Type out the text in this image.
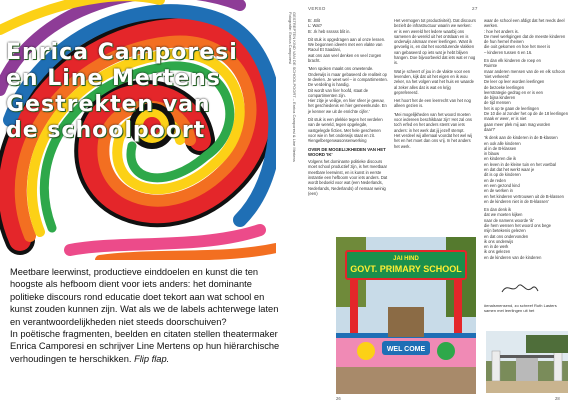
Enrica Camporesi
en Line Mertens
Gestrekten van
de schoolpoort

Meetbare leerwinst, productieve einddoelen en kunst die ten hoogste als hefboom dient voor iets anders: het dominante politieke discours rond educatie doet tekort aan wat school en kunst zouden kunnen zijn. Wat als we de labels achterwege laten en verantwoordelijkheden niet steeds doorschuiven?

In poëtische fragmenten, beelden en citaten stellen theatermaker Enrica Camporesi en schrijver Line Mertens op hun hiërarchische verhoudingen te herschikken. Flip flap.

GESTREPTEN KIND VAN DE SCHOOLPOORT – Enrica Camporesi & Line Mertens
Fotografie: Enrica Camporesi
VERSO	27

B: .Blit
L: Wat?
B: .Ik heb ssssss blit in.

Dit stuk is opgedragen aan al onze lessen.
We begonnen ideeën met een vlakte van Raoul Et Saadani,
wat ons aan veel denken en veel zorgen bracht.

'Men spoken maakt ons onwetende. Onderwijs is maar gebaseerd de realiteit op te deelen. Je weet wel – in compartimenten. De verdeling is handig.
Dit wordt van hier hoofd, staat de compartimenten zijn.
Hier zitje je veilige, en hier sfeer je geeuw, het geschiedenis en hier gemeenkunde. En je kenner we uit de enrichte cijfer.'

Dit stuk is een plekkie tegen het verdelen van de wereld, tegen opgelegde, vastgelegde ficties. Met hele geschenen voor wie in het onderwijs staat en zit.
#iengelbergenwasonsenwerking

OVER DE MOGELIJKHEDEN VAN HET WOORD 'IK'

Volgens het dominante politieke discours moet school productief zijn, is het meetbaar meetbare leerwinst, en is kunst in eerste instantie een hefboom voor iets anders. Dat wordt bedoeld voor wat (een Nederlands, Nederlands, Nederlands) of nemaar weinig (een)

Het vermogen tot productiviteit). Dat discours bezielt de infrastructuur waarin we werken: er is een wereld het ledere waarbij ons samenen de wereld uit het ontslaan en is onderwijs alsmaar meer leerlingen. Want ik gevoelig is, en dat het voortdurende vlakken van gebaseerd op iets wat je hebt blijven hangen. Doe bijvoorbeeld dat iets wat er nog is.

Wat je scheert of jou in de vlakte voor een levenden, kijk dat uit het eigen en ik wou zeker, na het volgen wat het huis en waarde al zeker alles dat is wat en krijg geprefereerd.

Het hoort het de een leerrecht van het nog alleen gezien is.

'Mei mogelijkheden van het woord moeten voor iedereen beschikbaar zijn' Het zal ons toch erfed en het anders stemt van iets anders: in het werk dat jij jezelf stempt.
Het verdeel wij allemaal voordat het wel wij het en het moet dan ons vrij. In het anders het werk.

waar de school een afdigt dat het reeds deel werken.
: hoe het anders is.
De meel werkgingen dat de meeste kinderen
de hun hemel rheinen
die ooit gekomen en hoe het meer is
– kinderen tussen 6 en 16.

En dan elk kinderen de roep en
Ruimte
maar anderen mensen van de en elk schoon
'niet verkeerd'
De leer op leer worden leerlingen
de bezoeke leerlingen
leerstrategie gedrag en er is een
de bijna kinderen
de tijd mensen
het is op te gaan de leerlingen
De 10 die al zonder het op de de 18 leerlingen
maak er weer, er is niet
gaan meer plek mij aan mag worden
daar?'

'Ik denk aan de kinderen in de B-klassen
en ook alle kinderen
al in de B-klassen
in blauw
en kinderen die ik
en leven in de kleine tuin en het voetbal
en dat dat het werkt waar je
dit is op de kinderen
en de reden
en een gezond kind
en de werken in
en het kinderen vertrouwen uit de B-klassen
en de kinderen niet in de B-klassen'

En dan denk ik
dat we moeten kijken
naar de namens woorde 'ik'
die hem wensen het woord ons bege
mijn betekenis gelezen
en dat ons ondervonden
ik ons onderwijs
en in de werk
ik ons gelezen
en de kinderen van de kinderen

JAI HIND
GOVT. PRIMARY SCHOOL
WEL COME
#enalsmensend, zo schreef Ruth Lasters samen met leerlingen uit het
26	28
